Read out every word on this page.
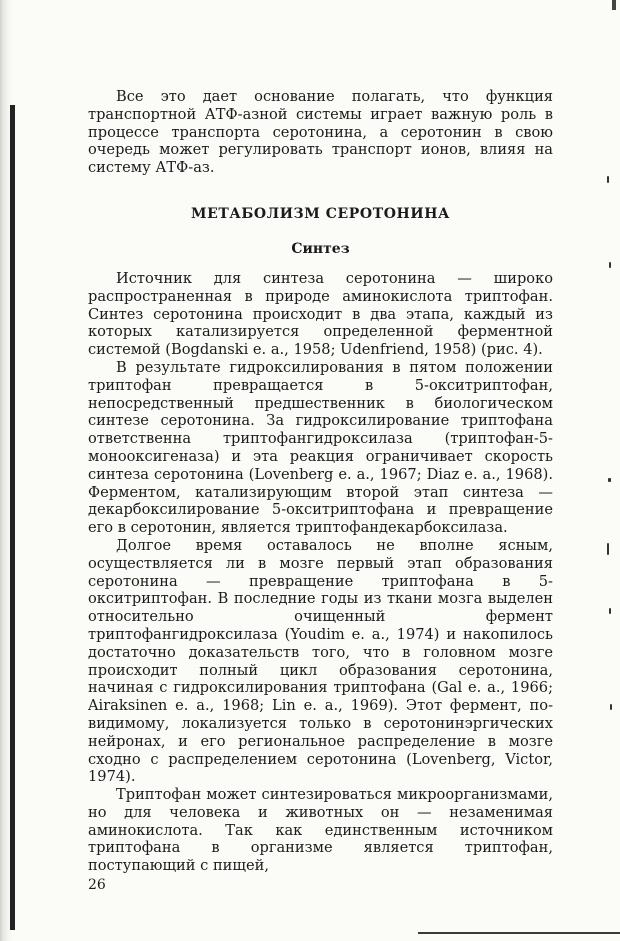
Все это дает основание полагать, что функция транспортной АТФ-азной системы играет важную роль в процессе транспорта серотонина, а серотонин в свою очередь может регулировать транспорт ионов, влияя на систему АТФ-аз.

МЕТАБОЛИЗМ СЕРОТОНИНА
Синтез

Источник для синтеза серотонина — широко распространенная в природе аминокислота триптофан. Синтез серотонина происходит в два этапа, каждый из которых катализируется определенной ферментной системой (Bogdanski e. a., 1958; Udenfriend, 1958) (рис. 4).

В результате гидроксилирования в пятом положении триптофан превращается в 5-окситриптофан, непосредственный предшественник в биологическом синтезе серотонина. За гидроксилирование триптофана ответственна триптофангидроксилаза (триптофан-5-монооксигеназа) и эта реакция ограничивает скорость синтеза серотонина (Lovenberg e. a., 1967; Diaz e. a., 1968). Ферментом, катализирующим второй этап синтеза — декарбоксилирование 5-окситриптофана и превращение его в серотонин, является триптофандекарбоксилаза.

Долгое время оставалось не вполне ясным, осуществляется ли в мозге первый этап образования серотонина — превращение триптофана в 5-окситриптофан. В последние годы из ткани мозга выделен относительно очищенный фермент триптофангидроксилаза (Youdim e. a., 1974) и накопилось достаточно доказательств того, что в головном мозге происходит полный цикл образования серотонина, начиная с гидроксилирования триптофана (Gal e. a., 1966; Airaksinen e. a., 1968; Lin e. a., 1969). Этот фермент, по-видимому, локализуется только в серотонинэргических нейронах, и его региональное распределение в мозге сходно с распределением серотонина (Lovenberg, Victor, 1974).

Триптофан может синтезироваться микроорганизмами, но для человека и животных он — незаменимая аминокислота. Так как единственным источником триптофана в организме является триптофан, поступающий с пищей,

26
